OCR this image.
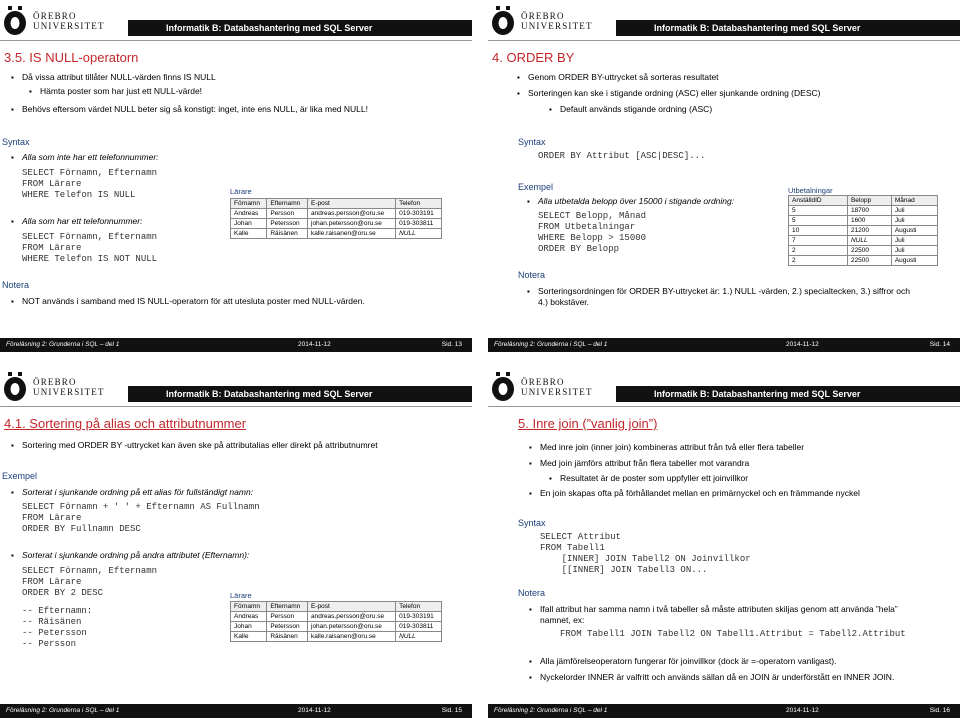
ÖREBRO
UNIVERSITET	Informatik B: Databashantering med SQL Server
3.5. IS NULL-operatorn
▪ Då vissa attribut tillåter NULL-värden finns IS NULL
▪ Hämta poster som har just ett NULL-värde!
▪ Behövs eftersom värdet NULL beter sig så konstigt: inget, inte ens NULL, är lika med NULL!
Syntax
▪ Alla som inte har ett telefonnummer:
SELECT Förnamn, Efternamn
FROM Lärare
WHERE Telefon IS NULL
▪ Alla som har ett telefonnummer:
SELECT Förnamn, Efternamn
FROM Lärare
WHERE Telefon IS NOT NULL
Lärare
Förnamn	Efternamn	E-post	Telefon
Andreas	Persson	andreas.persson@oru.se	019-303191
Johan	Petersson	johan.petersson@oru.se	019-303811
Kalle	Räisänen	kalle.raisanen@oru.se	NULL
Notera
▪ NOT används i samband med IS NULL-operatorn för att utesluta poster med NULL-värden.
Föreläsning 2: Grunderna i SQL – del 1	2014-11-12	Sid. 13
ÖREBRO
UNIVERSITET	Informatik B: Databashantering med SQL Server
4. ORDER BY
▪ Genom ORDER BY-uttrycket så sorteras resultatet
▪ Sorteringen kan ske i stigande ordning (ASC) eller sjunkande ordning (DESC)
▪ Default används stigande ordning (ASC)
Syntax
ORDER BY Attribut [ASC|DESC]...
Exempel
▪ Alla utbetalda belopp över 15000 i stigande ordning:
SELECT Belopp, Månad
FROM Utbetalningar
WHERE Belopp > 15000
ORDER BY Belopp
Utbetalningar
AnställdID	Belopp	Månad
5	18700	Juli
5	1600	Juli
10	21200	Augusti
7	NULL	Juli
2	22500	Juli
2	22500	Augusti
Notera
▪ Sorteringsordningen för ORDER BY-uttrycket är: 1.) NULL -värden, 2.) specialtecken, 3.) siffror och
4.) bokstäver.
Föreläsning 2: Grunderna i SQL – del 1	2014-11-12	Sid. 14
ÖREBRO
UNIVERSITET	Informatik B: Databashantering med SQL Server
4.1. Sortering på alias och attributnummer
▪ Sortering med ORDER BY -uttrycket kan även ske på attributalias eller direkt på attributnumret
Exempel
▪ Sorterat i sjunkande ordning på ett alias för fullständigt namn:
SELECT Förnamn + ' ' + Efternamn AS Fullnamn
FROM Lärare
ORDER BY Fullnamn DESC
▪ Sorterat i sjunkande ordning på andra attributet (Efternamn):
SELECT Förnamn, Efternamn
FROM Lärare
ORDER BY 2 DESC
-- Efternamn:
-- Räisänen
-- Petersson
-- Persson
Lärare
Förnamn	Efternamn	E-post	Telefon
Andreas	Persson	andreas.persson@oru.se	019-303191
Johan	Petersson	johan.petersson@oru.se	019-303811
Kalle	Räisänen	kalle.raisanen@oru.se	NULL
Föreläsning 2: Grunderna i SQL – del 1	2014-11-12	Sid. 15
ÖREBRO
UNIVERSITET	Informatik B: Databashantering med SQL Server
5. Inre join (”vanlig join”)
▪ Med inre join (inner join) kombineras attribut från två eller flera tabeller
▪ Med join jämförs attribut från flera tabeller mot varandra
▪ Resultatet är de poster som uppfyller ett joinvillkor
▪ En join skapas ofta på förhållandet mellan en primärnyckel och en främmande nyckel
Syntax
SELECT Attribut
FROM Tabell1
[INNER] JOIN Tabell2 ON Joinvillkor
[[INNER] JOIN Tabell3 ON...
Notera
▪ Ifall attribut har samma namn i två tabeller så måste attributen skiljas genom att använda ”hela”
namnet, ex:
FROM Tabell1 JOIN Tabell2 ON Tabell1.Attribut = Tabell2.Attribut
▪ Alla jämförelseoperatorn fungerar för joinvillkor (dock är =-operatorn vanligast).
▪ Nyckelorder INNER är valfritt och används sällan då en JOIN är underförstått en INNER JOIN.
Föreläsning 2: Grunderna i SQL – del 1	2014-11-12	Sid. 16
